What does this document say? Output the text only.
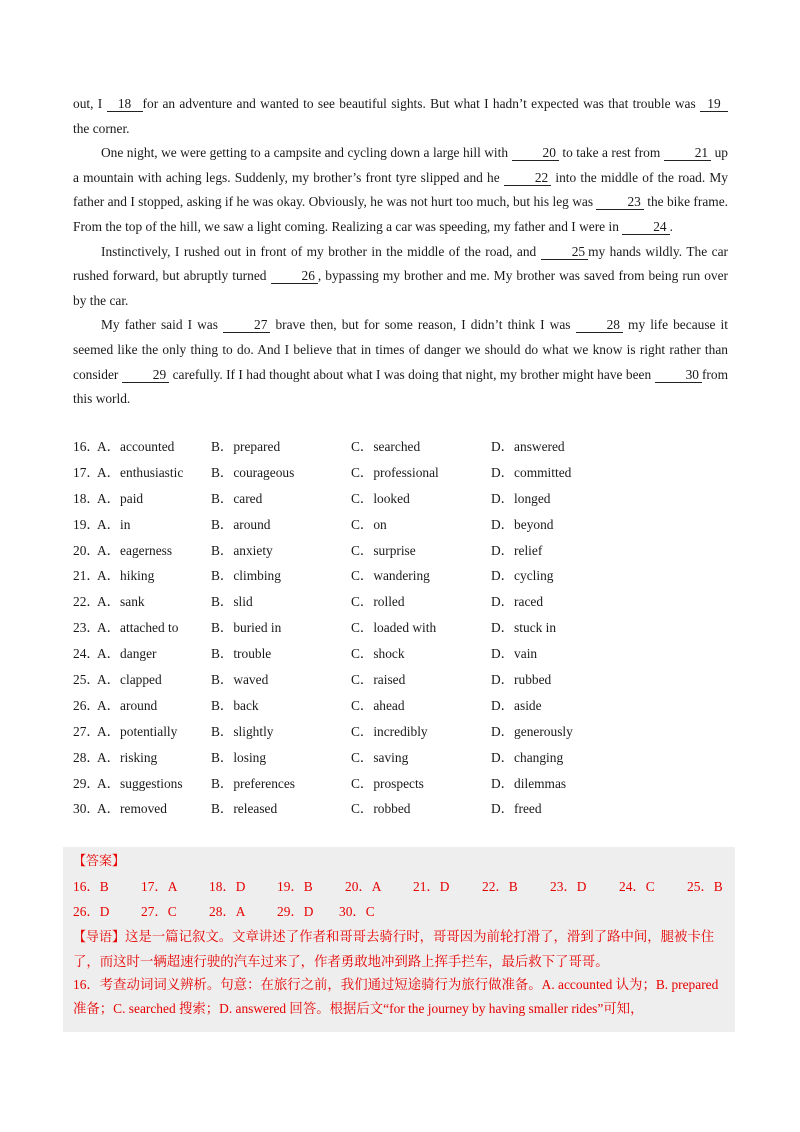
out, I 18 for an adventure and wanted to see beautiful sights. But what I hadn’t expected was that trouble was 19 the corner.

One night, we were getting to a campsite and cycling down a large hill with 20 to take a rest from 21 up a mountain with aching legs. Suddenly, my brother’s front tyre slipped and he 22 into the middle of the road. My father and I stopped, asking if he was okay. Obviously, he was not hurt too much, but his leg was 23 the bike frame. From the top of the hill, we saw a light coming. Realizing a car was speeding, my father and I were in 24 .

Instinctively, I rushed out in front of my brother in the middle of the road, and 25 my hands wildly. The car rushed forward, but abruptly turned 26 , bypassing my brother and me. My brother was saved from being run over by the car.

My father said I was 27 brave then, but for some reason, I didn’t think I was 28 my life because it seemed like the only thing to do. And I believe that in times of danger we should do what we know is right rather than consider 29 carefully. If I had thought about what I was doing that night, my brother might have been 30 from this world.

16．
A．accounted	B．prepared	C．searched	D．answered
17．
A．enthusiastic B．courageous	C．professional	D．committed
18．
A．paid	B．cared	C．looked	D．longed
19．
A．in	B．around	C．on	D．beyond
20．
A．eagerness	B．anxiety	C．surprise	D．relief
21．
A．hiking	B．climbing	C．wandering	D．cycling
22．
A．sank	B．slid	C．rolled	D．raced
23．
A．attached to B．buried in	C．loaded with	D．stuck in
24．
A．danger	B．trouble	C．shock	D．vain
25．
A．clapped	B．waved	C．raised	D．rubbed
26．
A．around	B．back	C．ahead	D．aside
27．
A．potentially	B．slightly	C．incredibly	D．generously
28．
A．risking	B．losing	C．saving	D．changing
29．
A．suggestions B．preferences	C．prospects	D．dilemmas
30．
A．removed	B．released	C．robbed	D．freed
【答案】
16．B 17．A 18．D 19．B 20．A 21．D 22．B 23．D 24．C 25．B
26．D 27．C 28．A 29．D 30．C
【导语】这是一篇记叙文。文章讲述了作者和哥哥去骑行时，哥哥因为前轮打滑了，滑到了路中间，腿被卡住了，而这时一辆超速行驶的汽车过来了，作者勇敢地冲到路上挥手拦车，最后救下了哥哥。
16．考查动词词义辨析。句意：在旅行之前，我们通过短途骑行为旅行做准备。A. accounted 认为；B. prepared 准备；C. searched 搜索；D. answered 回答。根据后文“for the journey by having smaller rides”可知，
